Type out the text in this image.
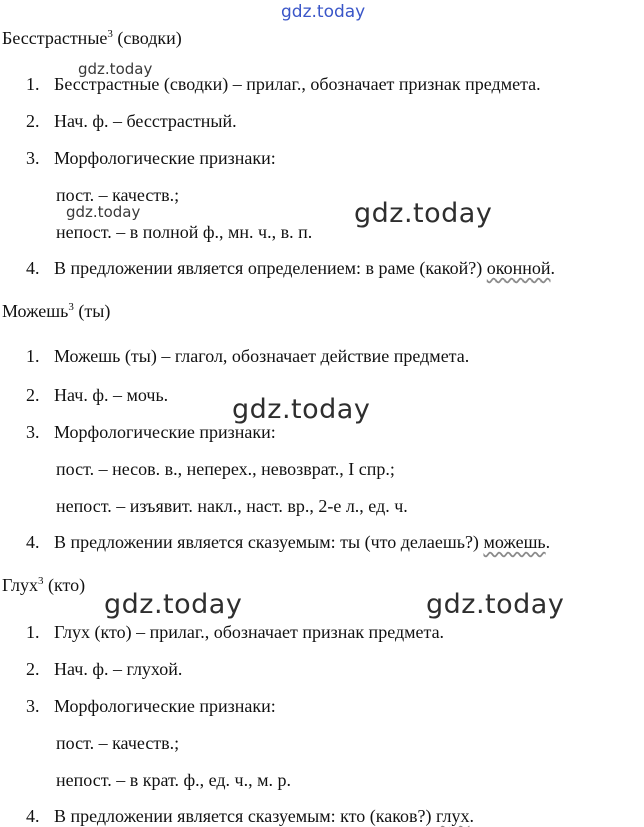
gdz.today
gdz.today
gdz.today	gdz.today
gdz.today
gdz.today	gdz.today
Бесстрастные$^3$ (сводки)
1. Бесстрастные (сводки) – прилаг., обозначает признак предмета.
2. Нач. ф. – бесстрастный.
3. Морфологические признаки:
пост. – качеств.;
непост. – в полной ф., мн. ч., в. п.
4. В предложении является определением: в раме (какой?) оконной.
Можешь$^3$ (ты)
1. Можешь (ты) – глагол, обозначает действие предмета.
2. Нач. ф. – мочь.
3. Морфологические признаки:
пост. – несов. в., неперех., невозврат., I спр.;
непост. – изъявит. накл., наст. вр., 2-е л., ед. ч.
4. В предложении является сказуемым: ты (что делаешь?) можешь.
Глух$^3$ (кто)
1. Глух (кто) – прилаг., обозначает признак предмета.
2. Нач. ф. – глухой.
3. Морфологические признаки:
пост. – качеств.;
непост. – в крат. ф., ед. ч., м. р.
4. В предложении является сказуемым: кто (каков?) глух.
